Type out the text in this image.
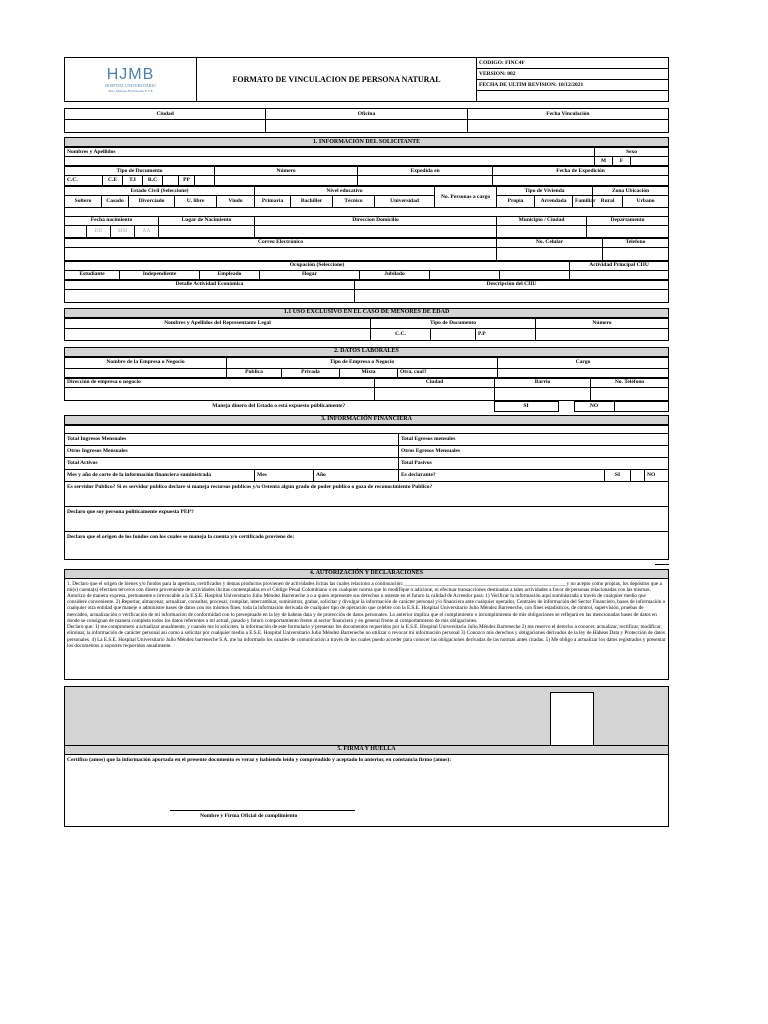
HJMB
HOSPITAL UNIVERSITARIO
Julio Méndez Barreneche E.S.E
	FORMATO DE VINCULACION DE PERSONA NATURAL	CODIGO: FINC4F
VERSION: 002
FECHA DE ULTIM REVISION: 10/12/2021

Ciudad	Oficina	Fecha Vinculación

1. INFORMACIÓN DEL SOLICITANTE
Nombres y Apellidos	Sexo		
	M	F	
Tipo de Documento							Número	Expedida en	Fecha de Expedición
C.C.	C.E	T.I	R.C		PP				
Estado Civil (Seleccione)					Nivel educativo				No. Personas a cargo	Tipo de Vivienda			Zona Ubicación	
Soltero	Casado	Divorciado	U. libre	Viudo	Primaria	Bachiller	Técnico	Universidad		Propia	Arrendada	Familiar	Rural	Urbano

Fecha nacimiento				Lugar de Nacimiento	Direccion Domicilio	Municipio / Ciudad	Departamento
	DD	MM	AA				
Correo Electrónico	No. Celular	Telefono

Ocupación (Seleccione)							Actividad Principal CIIU
Estudiante	Independiente	Empleado	Hogar	Jubilado			
Detalle Actividad Económica	Descripción del CIIU

1.1 USO EXCLUSIVO EN EL CASO DE MENORES DE EDAD
Nombres y Apellidos del Representante Legal	Tipo de Documento			Número
	C.C.		P.P	
2. DATOS LABORALES
Nombre de la Empresa o Negocio	Tipo de Empresa o Negocio				Cargo
	Publica	Privada	Mixta	Otra, cual?	
Dirección de empresa o negocio	Ciudad	Barrio	No. Teléfono

Maneja dinero del Estado o está expuesto públicamente?	SI		NO	
3. INFORMACIÓN FINANCIERA

Total Ingresos Mensuales			Total Egresos mensules			
Otros Ingresos Mensuales			Otros Egresos Mensuales			
Total Activos			Total Pasivos			
Mes y año de corte de la información financiera suministrada	Mes	Año	Es declarante?	SI		NO
Es servidor Publico? Si es servidor publico declare si maneja recursos publicos y/u Ostenta algun grado de poder publico o goza de reconocimiento Publico?						
Declaro que soy persona politicamente expuesta PEP?						
Declaro que el origen de los fondos con los cuales se maneja la cuenta y/o certificado proviene de:						
4. AUTORIZACIÓN Y DECLARACIONES
1. Declaro que el origen de bienes y/o fondos para la apertura, certificados y demas productos provienen de actividades licitas las cuales relaciono a continuación: ______________________________________________________________ y no acepto como propias, los depósitos que a mi(s) cuenta(s) efectúen terceros con dinero proveniente de actividades ilícitas contempladas en el Código Penal Colombiano o en cualquier norma que lo modifique o adicione, ni efectuar transacciones destinadas a tales actividades a favor de personas relacionadas con las mismas.
Autorizo de manera expresa, permanente e irrevocable a la E.S.E. Hospital Universitario Julio Méndez Barreneche a o a quien represente sus derechos u ostente en el futuro la calidad de Acreedor para: 1) Verificar la información aquí suministrada a través de cualquier medio que considere conveniente. 2) Reportar, almacenar, actualizar, consultar, procesar, compilar, intercambiar, suministrar, grabar, solicitar y divulgar la información de carácter personal y/o financiera ante cualquier operador, Centrales de información del Sector Financiero, bases de información o cualquier otra entidad que maneje o administre bases de datos con los mismos fines, toda la información derivada de cualquier tipo de operación que celebre con la E.S.E. Hospital Universitario Julio Méndez Barreneche, con fines estadísticos, de control, supervisión, pruebas de mercadeo, actualización o verificación de mi información de conformidad con lo preceptuado en la ley de habeas data y de protección de datos personales. Lo anterior implica que el cumplimiento o incumplimiento de mis obligaciones se reflejará en las mencionadas bases de datos en donde se consignan de manera completa todos los datos referentes a mi actual, pasado y futuro comportamiento frente al sector financiero y en general frente al comportamiento de mis obligaciones.
Declaro que: 1) me comprometo a actualizar anualmente, y cuando me lo soliciten, la información de este formulario y presentar los documentos requeridos por la E.S.E. Hospital Universitario Julio Méndez Barreneche 2) me reservo el derecho a conocer, actualizar, rectificar, modificar, eliminar, la información de carácter personal así como a solicitar por cualquier medio a E.S.E. Hospital Universitario Julio Méndez Barreneche no utilizar o revocar mi información personal 3) Conozco mis derechos y obligaciones derivados de la ley de Habeas Data y Protección de datos personales. 4) La E.S.E. Hospital Universitario Julio Méndez barreneche S.A. me ha informado los canales de comunicación a través de los cuales puedo acceder para conocer las obligaciones derivadas de las normas antes citadas. 5) Me obligo a actualizar los datos registrados y presentar los documentos o soportes requeridos anualmente.
5. FIRMA Y HUELLA
Certifico (amos) que la información aportada en el presente documento es veraz y habiendo leído y comprendido y aceptado lo anterior, en constancia firmo (amos):
Nombre y Firma Oficial de cumplimiento
